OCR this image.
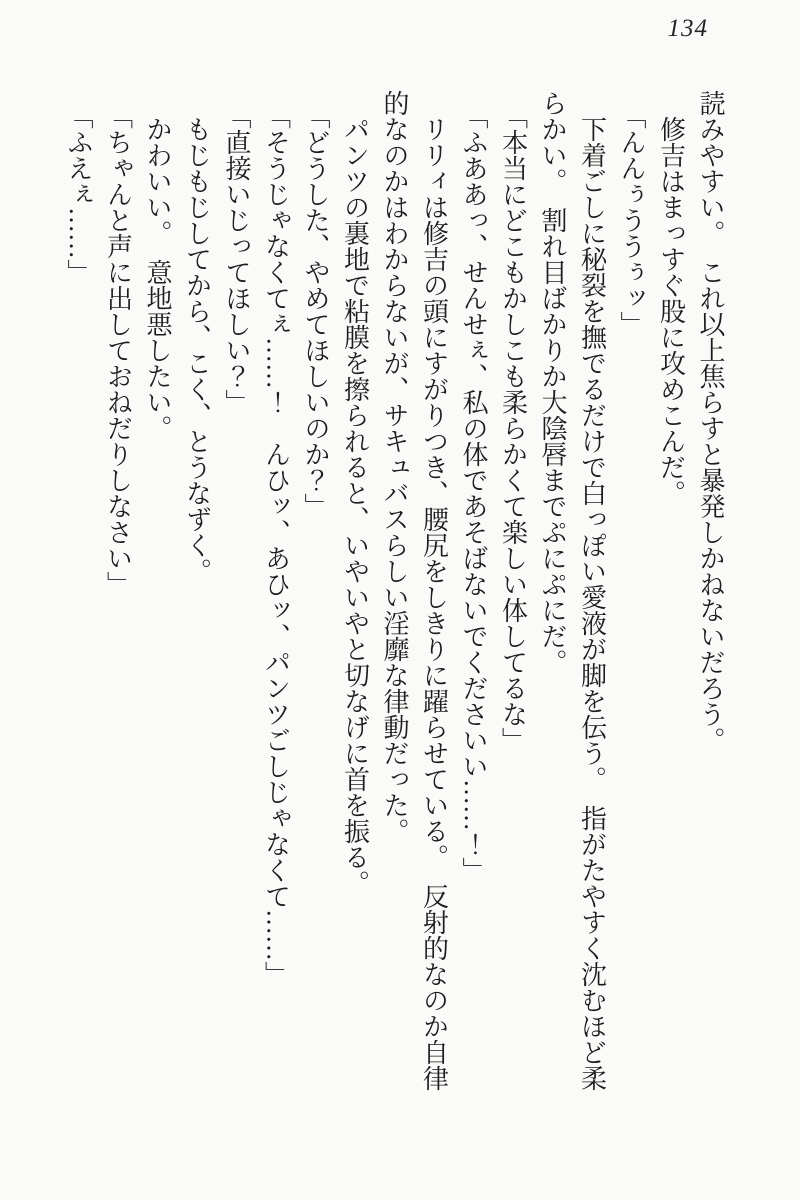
134

読みやすい。　これ以上焦らすと暴発しかねないだろう。

修吉はまっすぐ股に攻めこんだ。

「んんぅううぅッ」

下着ごしに秘裂を撫でるだけで白っぽい愛液が脚を伝う。　指がたやすく沈むほど柔

らかい。　割れ目ばかりか大陰唇までぷにぷにだ。

「本当にどこもかしこも柔らかくて楽しい体してるな」

「ふああっ、せんせぇ、私の体であそばないでくださいい……！」

リリィは修吉の頭にすがりつき、腰尻をしきりに躍らせている。　反射的なのか自律

的なのかはわからないが、サキュバスらしい淫靡な律動だった。

パンツの裏地で粘膜を擦られると、いやいやと切なげに首を振る。

「どうした、やめてほしいのか？」

「そうじゃなくてぇ……！　んひッ、あひッ、パンツごしじゃなくて……」

「直接いじってほしい？」

もじもじしてから、こく、とうなずく。

かわいい。　意地悪したい。

「ちゃんと声に出しておねだりしなさい」

「ふえぇ……」
